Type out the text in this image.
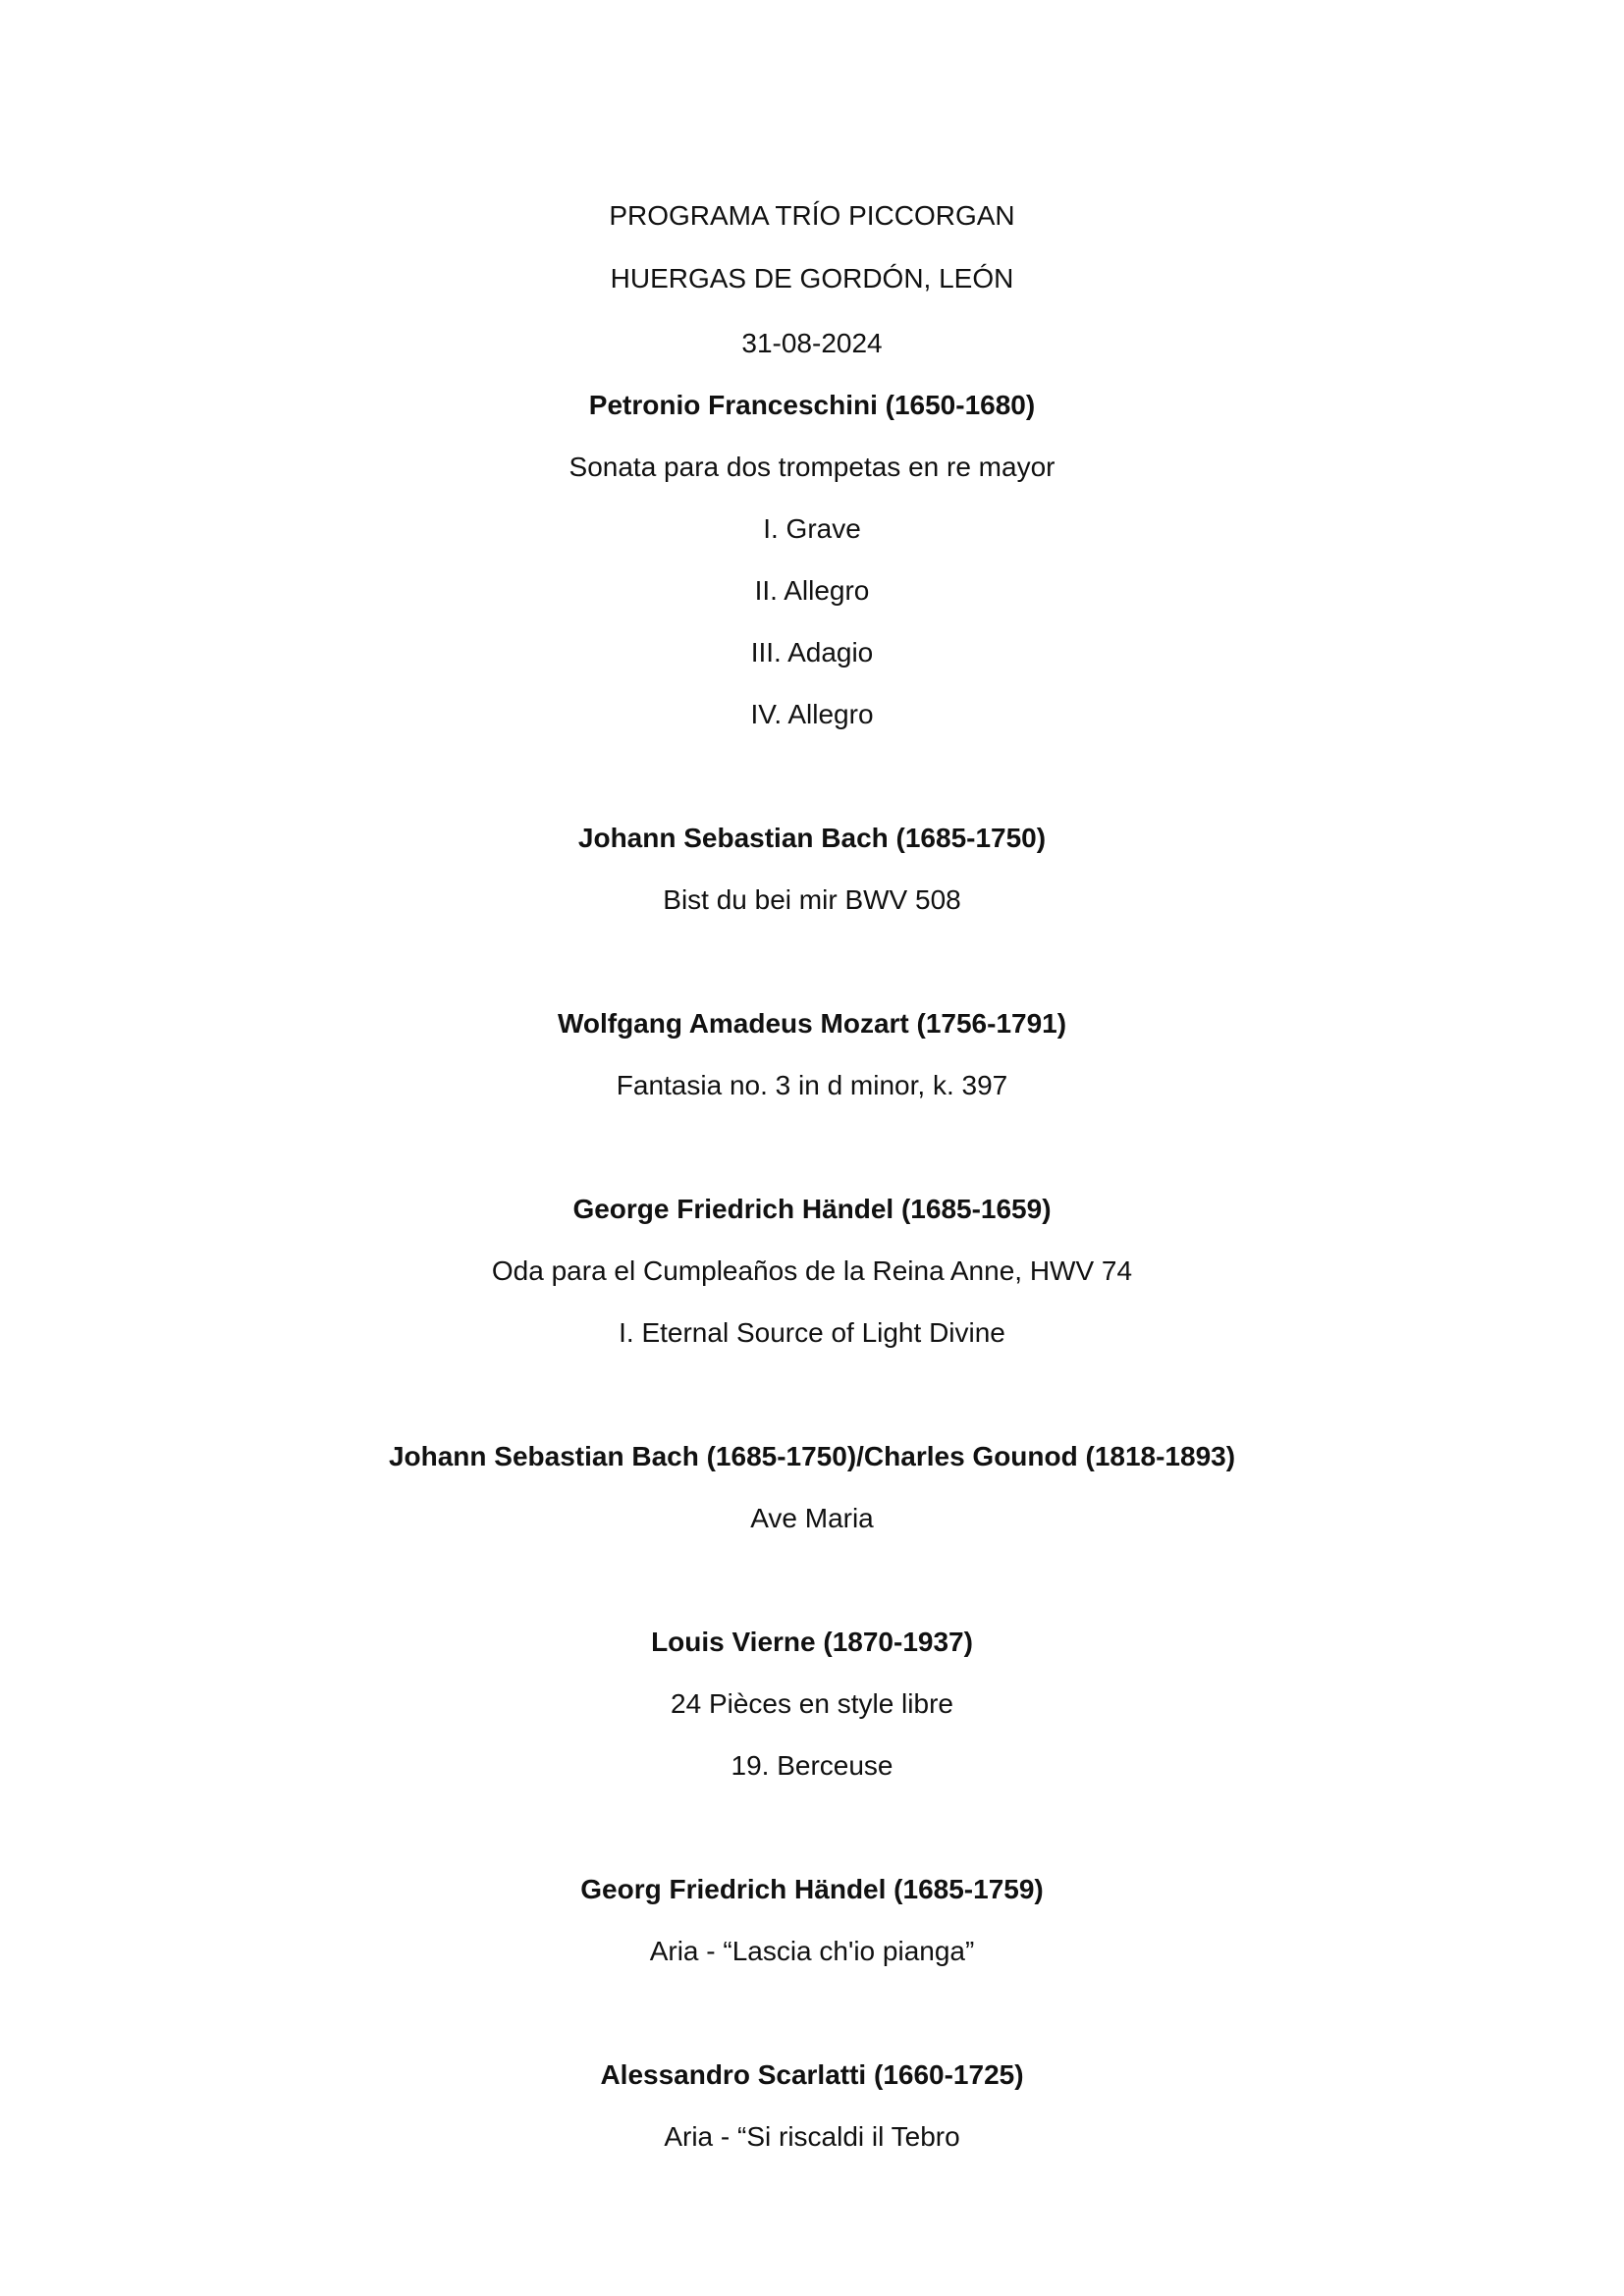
PROGRAMA TRÍO PICCORGAN
HUERGAS DE GORDÓN, LEÓN
31-08-2024
Petronio Franceschini (1650-1680)
Sonata para dos trompetas en re mayor
I. Grave
II. Allegro
III. Adagio
IV. Allegro
Johann Sebastian Bach (1685-1750)
Bist du bei mir BWV 508
Wolfgang Amadeus Mozart (1756-1791)
Fantasia no. 3 in d minor, k. 397
George Friedrich Händel (1685-1659)
Oda para el Cumpleaños de la Reina Anne, HWV 74
I. Eternal Source of Light Divine
Johann Sebastian Bach (1685-1750)/Charles Gounod (1818-1893)
Ave Maria
Louis Vierne (1870-1937)
24 Pièces en style libre
19. Berceuse
Georg Friedrich Händel (1685-1759)
Aria - “Lascia ch'io pianga”
Alessandro Scarlatti (1660-1725)
Aria - “Si riscaldi il Tebro
